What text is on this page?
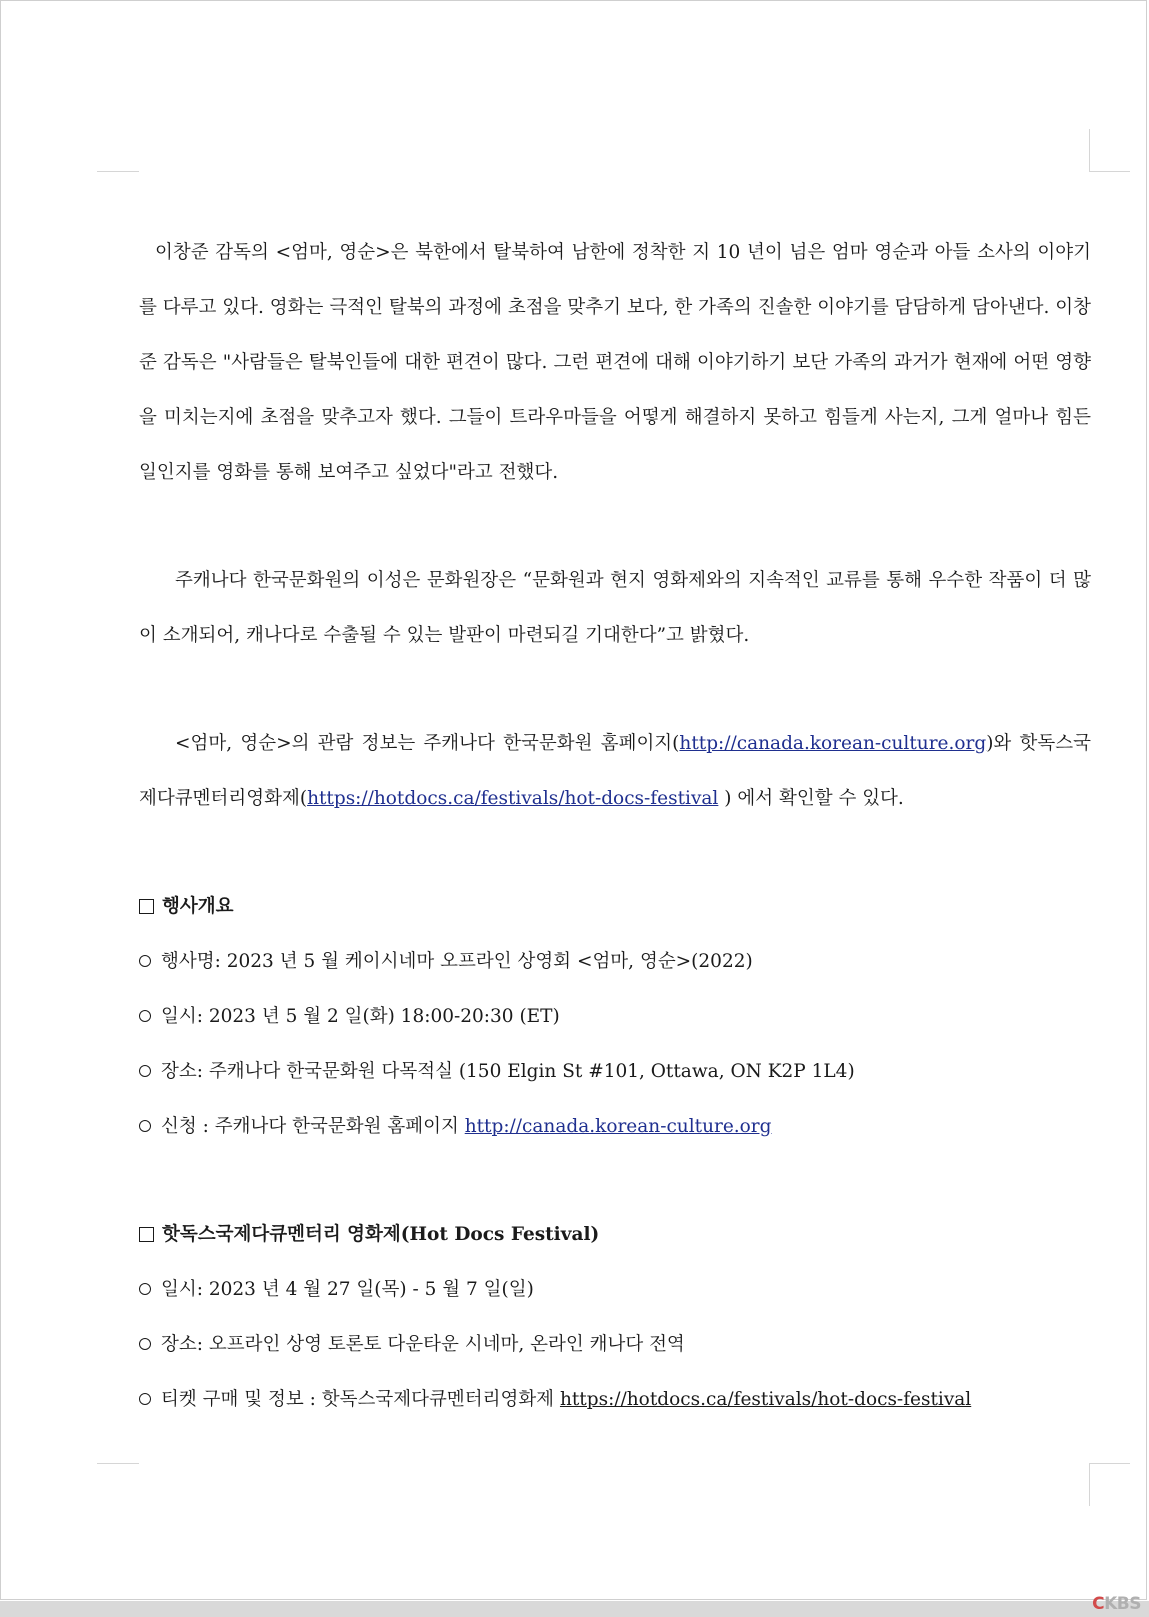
이창준 감독의 <엄마, 영순>은 북한에서 탈북하여 남한에 정착한 지 10 년이 넘은 엄마 영순과 아들 소사의 이야기를 다루고 있다. 영화는 극적인 탈북의 과정에 초점을 맞추기 보다, 한 가족의 진솔한 이야기를 담담하게 담아낸다. 이창준 감독은 "사람들은 탈북인들에 대한 편견이 많다. 그런 편견에 대해 이야기하기 보단 가족의 과거가 현재에 어떤 영향을 미치는지에 초점을 맞추고자 했다. 그들이 트라우마들을 어떻게 해결하지 못하고 힘들게 사는지, 그게 얼마나 힘든 일인지를 영화를 통해 보여주고 싶었다"라고 전했다.

주캐나다 한국문화원의 이성은 문화원장은 “문화원과 현지 영화제와의 지속적인 교류를 통해 우수한 작품이 더 많이 소개되어, 캐나다로 수출될 수 있는 발판이 마련되길 기대한다”고 밝혔다.

<엄마, 영순>의 관람 정보는 주캐나다 한국문화원 홈페이지(http://canada.korean-culture.org)와 핫독스국제다큐멘터리영화제(https://hotdocs.ca/festivals/hot-docs-festival ) 에서 확인할 수 있다.

행사개요

행사명: 2023 년 5 월 케이시네마 오프라인 상영회 <엄마, 영순>(2022)

일시: 2023 년 5 월 2 일(화) 18:00-20:30 (ET)

장소: 주캐나다 한국문화원 다목적실 (150 Elgin St #101, Ottawa, ON K2P 1L4)

신청 : 주캐나다 한국문화원 홈페이지 http://canada.korean-culture.org

핫독스국제다큐멘터리 영화제(Hot Docs Festival)

일시: 2023 년 4 월 27 일(목) - 5 월 7 일(일)

장소: 오프라인 상영 토론토 다운타운 시네마, 온라인 캐나다 전역

티켓 구매 및 정보 : 핫독스국제다큐멘터리영화제 https://hotdocs.ca/festivals/hot-docs-festival

CKBS
